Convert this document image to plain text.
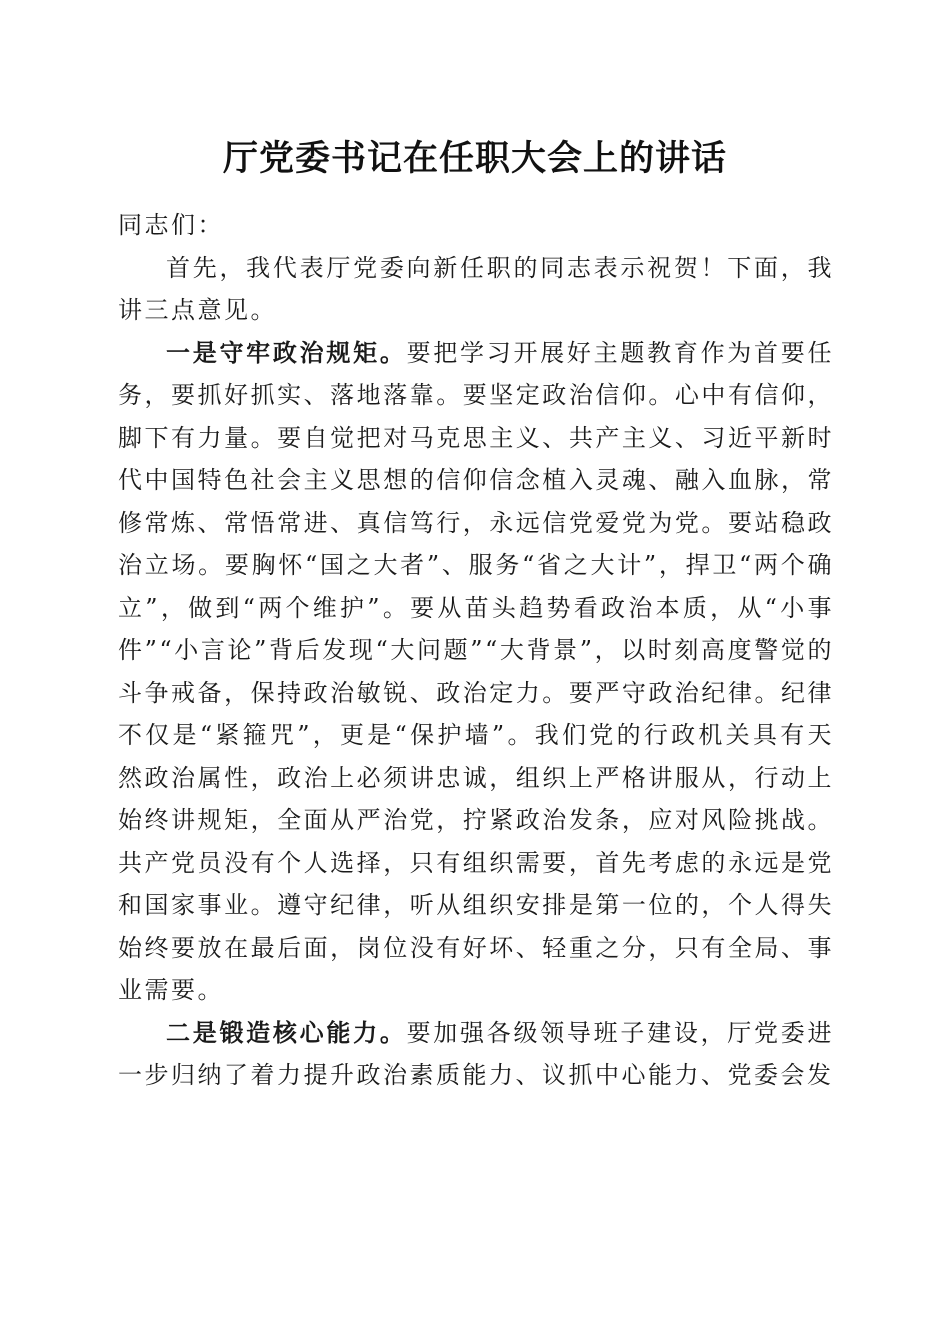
厅党委书记在任职大会上的讲话

同志们：

首先，我代表厅党委向新任职的同志表示祝贺！下面，我讲三点意见。

一是守牢政治规矩。要把学习开展好主题教育作为首要任务，要抓好抓实、落地落靠。要坚定政治信仰。心中有信仰，脚下有力量。要自觉把对马克思主义、共产主义、习近平新时代中国特色社会主义思想的信仰信念植入灵魂、融入血脉，常修常炼、常悟常进、真信笃行，永远信党爱党为党。要站稳政治立场。要胸怀“国之大者”、服务“省之大计”，捍卫“两个确立”，做到“两个维护”。要从苗头趋势看政治本质，从“小事件”“小言论”背后发现“大问题”“大背景”，以时刻高度警觉的斗争戒备，保持政治敏锐、政治定力。要严守政治纪律。纪律不仅是“紧箍咒”，更是“保护墙”。我们党的行政机关具有天然政治属性，政治上必须讲忠诚，组织上严格讲服从，行动上始终讲规矩，全面从严治党，拧紧政治发条，应对风险挑战。共产党员没有个人选择，只有组织需要，首先考虑的永远是党和国家事业。遵守纪律，听从组织安排是第一位的，个人得失始终要放在最后面，岗位没有好坏、轻重之分，只有全局、事业需要。

二是锻造核心能力。要加强各级领导班子建设，厅党委进一步归纳了着力提升政治素质能力、议抓中心能力、党委会发
